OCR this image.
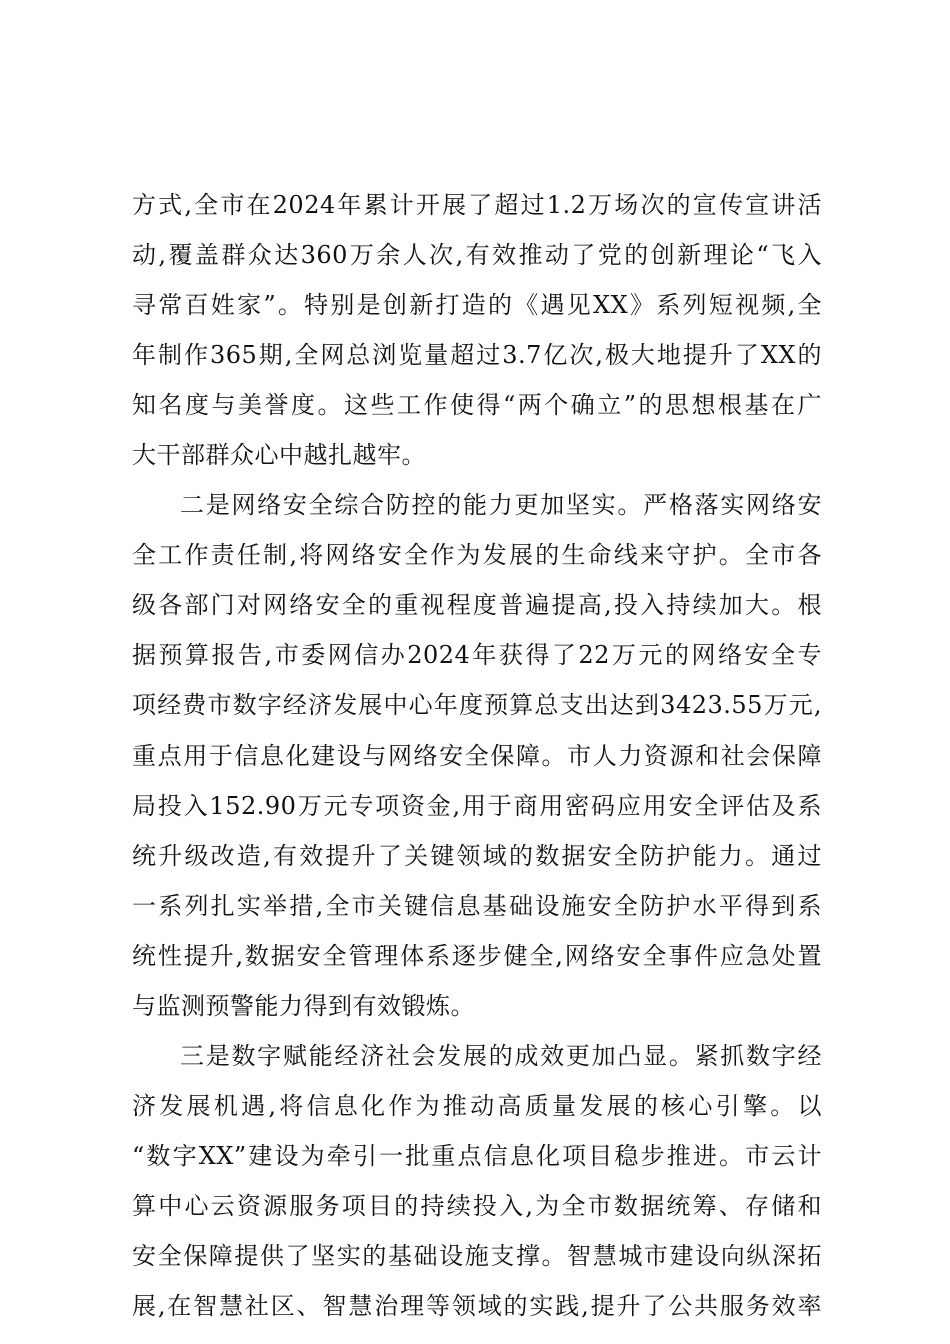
方式,全市在2024年累计开展了超过1.2万场次的宣传宣讲活
动,覆盖群众达360万余人次,有效推动了党的创新理论“飞入
寻常百姓家”。特别是创新打造的《遇见XX》系列短视频,全
年制作365期,全网总浏览量超过3.7亿次,极大地提升了XX的
知名度与美誉度。这些工作使得“两个确立”的思想根基在广
大干部群众心中越扎越牢。
二是网络安全综合防控的能力更加坚实。严格落实网络安
全工作责任制,将网络安全作为发展的生命线来守护。全市各
级各部门对网络安全的重视程度普遍提高,投入持续加大。根
据预算报告,市委网信办2024年获得了22万元的网络安全专
项经费市数字经济发展中心年度预算总支出达到3423.55万元,
重点用于信息化建设与网络安全保障。市人力资源和社会保障
局投入152.90万元专项资金,用于商用密码应用安全评估及系
统升级改造,有效提升了关键领域的数据安全防护能力。通过
一系列扎实举措,全市关键信息基础设施安全防护水平得到系
统性提升,数据安全管理体系逐步健全,网络安全事件应急处置
与监测预警能力得到有效锻炼。
三是数字赋能经济社会发展的成效更加凸显。紧抓数字经
济发展机遇,将信息化作为推动高质量发展的核心引擎。以
“数字XX”建设为牵引一批重点信息化项目稳步推进。市云计
算中心云资源服务项目的持续投入,为全市数据统筹、存储和
安全保障提供了坚实的基础设施支撑。智慧城市建设向纵深拓
展,在智慧社区、智慧治理等领域的实践,提升了公共服务效率
